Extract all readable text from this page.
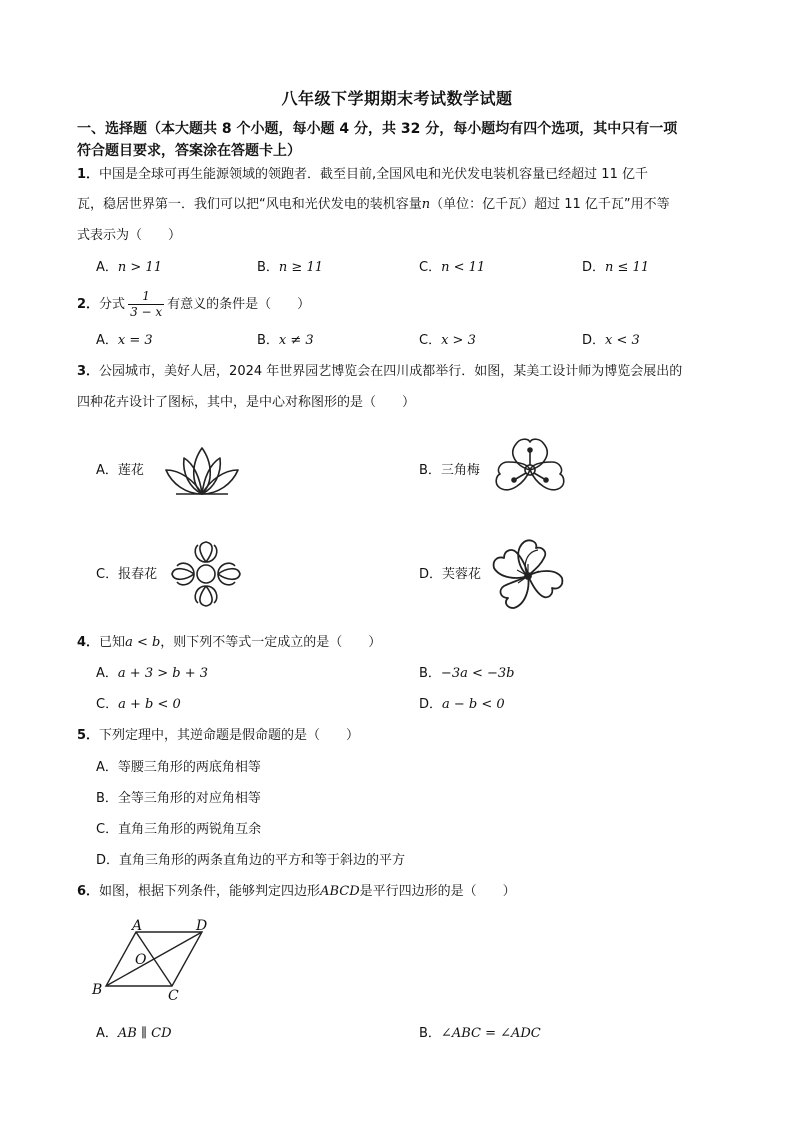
八年级下学期期末考试数学试题
一、选择题（本大题共 8 个小题，每小题 4 分，共 32 分，每小题均有四个选项，其中只有一项
符合题目要求，答案涂在答题卡上）
1．中国是全球可再生能源领域的领跑者．截至目前,全国风电和光伏发电装机容量已经超过 11 亿千
瓦，稳居世界第一．我们可以把“风电和光伏发电的装机容量n（单位：亿千瓦）超过 11 亿千瓦”用不等
式表示为（　　）
A．n > 11	B．n ≥ 11	C．n < 11	D．n ≤ 11
2．分式 $\frac{1}{3 - x}$ 有意义的条件是（　　）
A．x = 3	B．x ≠ 3	C．x > 3	D．x < 3
3．公园城市，美好人居，2024 年世界园艺博览会在四川成都举行．如图，某美工设计师为博览会展出的
四种花卉设计了图标，其中，是中心对称图形的是（　　）
A．莲花	B．三角梅
C．报春花	D．芙蓉花
4．已知a < b，则下列不等式一定成立的是（　　）
A．a + 3 > b + 3	B．−3a < −3b
C．a + b < 0	D．a − b < 0
5．下列定理中，其逆命题是假命题的是（　　）
A．等腰三角形的两底角相等
B．全等三角形的对应角相等
C．直角三角形的两锐角互余
D．直角三角形的两条直角边的平方和等于斜边的平方
6．如图，根据下列条件，能够判定四边形ABCD是平行四边形的是（　　）
A	D
B	C
O
A．AB ∥ CD	B．∠ABC = ∠ADC
